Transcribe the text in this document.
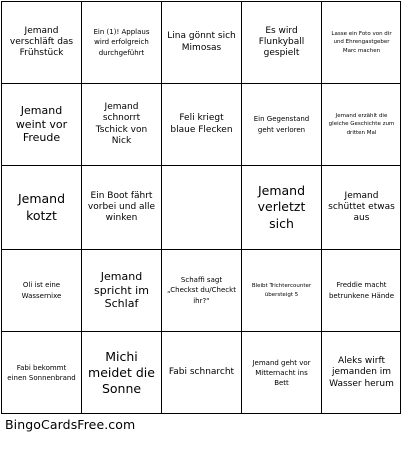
Jemand verschläft das Frühstück
Ein (1)! Applaus wird erfolgreich durchgeführt
Lina gönnt sich Mimosas
Es wird Flunkyball gespielt
Lasse ein Foto von dir und Ehrengastgeber Marc machen
Jemand weint vor Freude
Jemand schnorrt Tschick von Nick
Feli kriegt blaue Flecken
Ein Gegenstand geht verloren
Jemand erzählt die gleiche Geschichte zum dritten Mal
Jemand kotzt
Ein Boot fährt vorbei und alle winken
Jemand verletzt sich
Jemand schüttet etwas aus
Oli ist eine Wassernixe
Jemand spricht im Schlaf
Schaffi sagt „Checkst du/Checkt ihr?“
Bleibt Trichtercounter übersteigt 5
Freddie macht betrunkene Hände
Fabi bekommt einen Sonnenbrand
Michi meidet die Sonne
Fabi schnarcht
Jemand geht vor Mitternacht ins Bett
Aleks wirft jemanden im Wasser herum
BingoCardsFree.com
